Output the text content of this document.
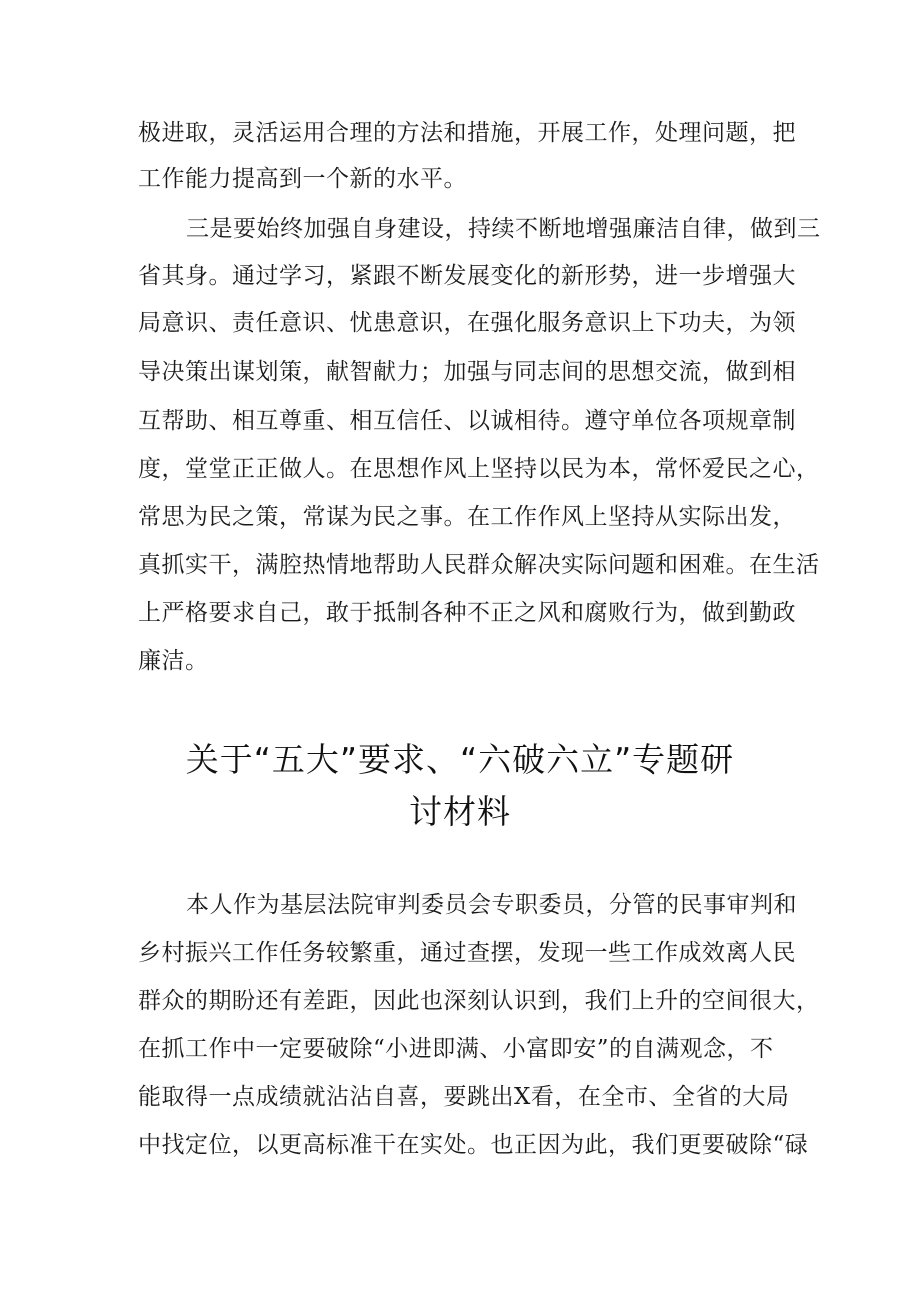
极进取，灵活运用合理的方法和措施，开展工作，处理问题，把
工作能力提高到一个新的水平。
三是要始终加强自身建设，持续不断地增强廉洁自律，做到三
省其身。通过学习，紧跟不断发展变化的新形势，进一步增强大
局意识、责任意识、忧患意识，在强化服务意识上下功夫，为领
导决策出谋划策，献智献力；加强与同志间的思想交流，做到相
互帮助、相互尊重、相互信任、以诚相待。遵守单位各项规章制
度，堂堂正正做人。在思想作风上坚持以民为本，常怀爱民之心，
常思为民之策，常谋为民之事。在工作作风上坚持从实际出发，
真抓实干，满腔热情地帮助人民群众解决实际问题和困难。在生活
上严格要求自己，敢于抵制各种不正之风和腐败行为，做到勤政
廉洁。
关于“五大”要求、“六破六立”专题研
讨材料
本人作为基层法院审判委员会专职委员，分管的民事审判和
乡村振兴工作任务较繁重，通过查摆，发现一些工作成效离人民
群众的期盼还有差距，因此也深刻认识到，我们上升的空间很大，
在抓工作中一定要破除“小进即满、小富即安”的自满观念，不
能取得一点成绩就沾沾自喜，要跳出X看，在全市、全省的大局
中找定位，以更高标准干在实处。也正因为此，我们更要破除“碌
